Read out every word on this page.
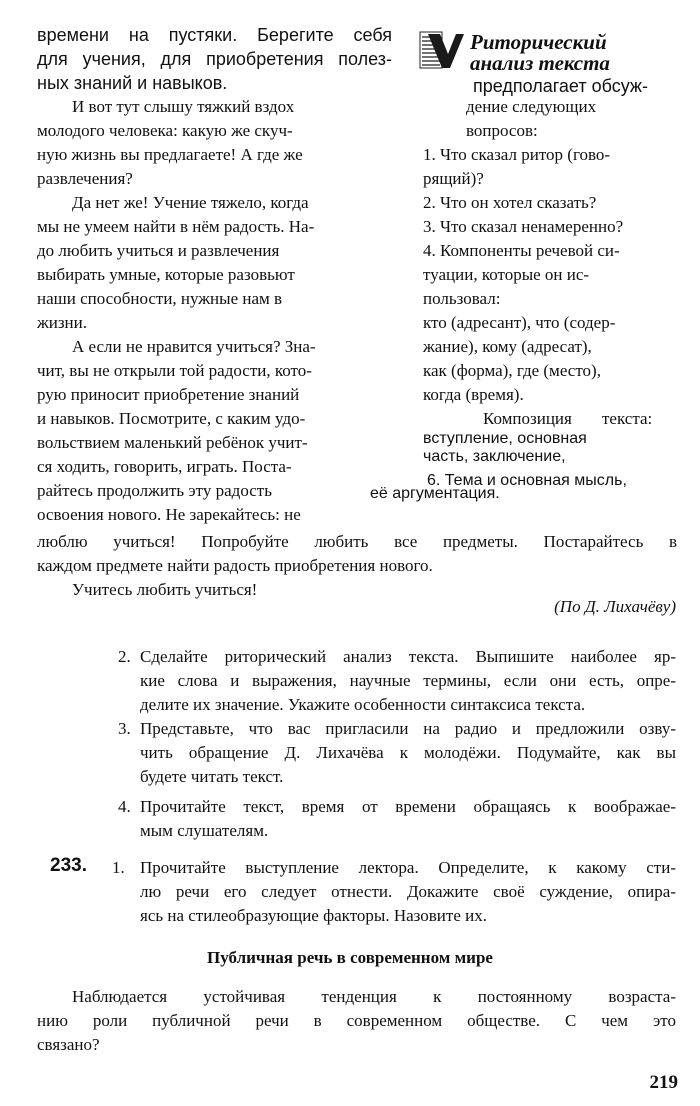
времени на пустяки. Берегите себя
для учения, для приобретения полез-
ных знаний и навыков.
Риторический
анализ текста
предполагает обсуж-
И вот тут слышу тяжкий вздох
молодого человека: какую же скуч-
ную жизнь вы предлагаете! А где же
развлечения?
Да нет же! Учение тяжело, когда
мы не умеем найти в нём радость. На-
до любить учиться и развлечения
выбирать умные, которые разовьют
наши способности, нужные нам в
жизни.
А если не нравится учиться? Зна-
чит, вы не открыли той радости, кото-
рую приносит приобретение знаний
и навыков. Посмотрите, с каким удо-
вольствием маленький ребёнок учит-
ся ходить, говорить, играть. Поста-
райтесь продолжить эту радость
освоения нового. Не зарекайтесь: не
дение следующих
вопросов:
1. Что сказал ритор (гово-
рящий)?
2. Что он хотел сказать?
3. Что сказал ненамеренно?
4. Компоненты речевой си-
туации, которые он ис-
пользовал:
кто (адресант), что (содер-
жание), кому (адресат),
как (форма), где (место),
когда (время).
Композиция текста:
вступление, основная
часть, заключение,
6. Тема и основная мысль,
её аргументация.
люблю учиться! Попробуйте любить все предметы. Постарайтесь в
каждом предмете найти радость приобретения нового.
Учитесь любить учиться!
(По Д. Лихачёву)
2. Сделайте риторический анализ текста. Выпишите наиболее яр-
кие слова и выражения, научные термины, если они есть, опре-
делите их значение. Укажите особенности синтаксиса текста.
3. Представьте, что вас пригласили на радио и предложили озву-
чить обращение Д. Лихачёва к молодёжи. Подумайте, как вы
будете читать текст.
4. Прочитайте текст, время от времени обращаясь к воображае-
мым слушателям.
233. 1. Прочитайте выступление лектора. Определите, к какому сти-
лю речи его следует отнести. Докажите своё суждение, опира-
ясь на стилеобразующие факторы. Назовите их.
Публичная речь в современном мире
Наблюдается устойчивая тенденция к постоянному возраста-
нию роли публичной речи в современном обществе. С чем это
связано?
219
